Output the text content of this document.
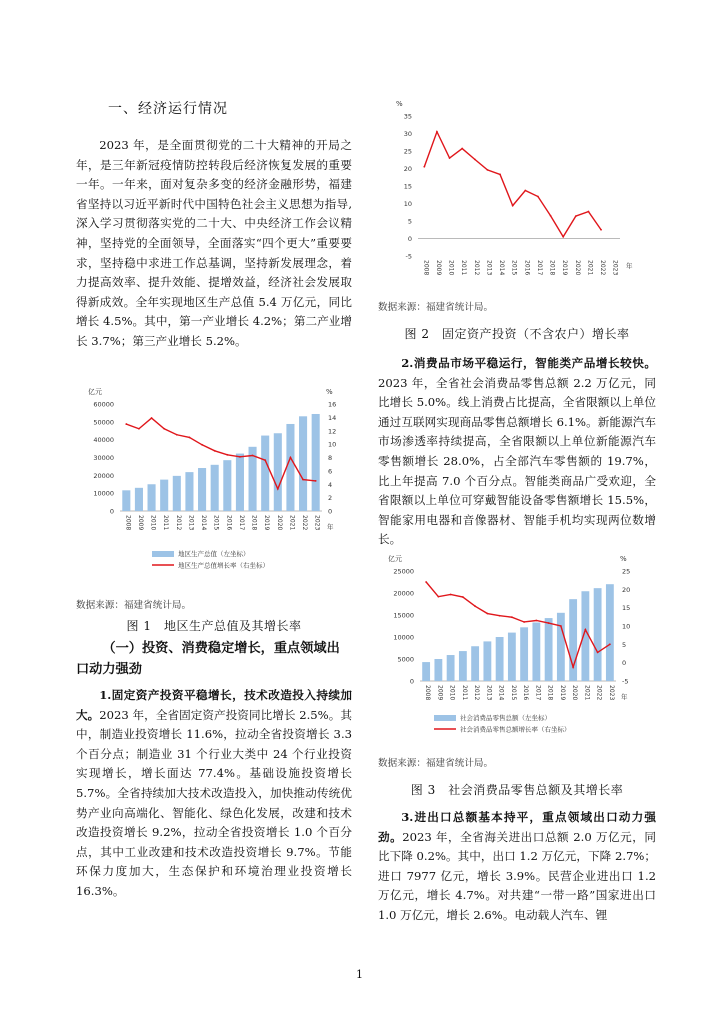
一、经济运行情况

2023 年，是全面贯彻党的二十大精神的开局之年，是三年新冠疫情防控转段后经济恢复发展的重要一年。一年来，面对复杂多变的经济金融形势，福建省坚持以习近平新时代中国特色社会主义思想为指导,深入学习贯彻落实党的二十大、中央经济工作会议精神，坚持党的全面领导，全面落实“四个更大”重要要求，坚持稳中求进工作总基调，坚持新发展理念，着力提高效率、提升效能、提增效益，经济社会发展取得新成效。全年实现地区生产总值 5.4 万亿元，同比增长 4.5%。其中，第一产业增长 4.2%；第二产业增长 3.7%；第三产业增长 5.2%。

亿元	%
0
10000
20000
30000
40000
50000
60000
0
2
4
6
8
10
12
14
16
2008 2009 2010 2011 2012 2013 2014 2015 2016 2017 2018 2019 2020 2021 2022 2023 年
地区生产总值（左坐标）
地区生产总值增长率（右坐标）
数据来源：福建省统计局。
图 1　地区生产总值及其增长率
（一）投资、消费稳定增长，重点领域出口动力强劲

1.固定资产投资平稳增长，技术改造投入持续加大。2023 年，全省固定资产投资同比增长 2.5%。其中，制造业投资增长 11.6%，拉动全省投资增长 3.3 个百分点；制造业 31 个行业大类中 24 个行业投资实现增长，增长面达 77.4%。基础设施投资增长 5.7%。全省持续加大技术改造投入，加快推动传统优势产业向高端化、智能化、绿色化发展，改建和技术改造投资增长 9.2%，拉动全省投资增长 1.0 个百分点，其中工业改建和技术改造投资增长 9.7%。节能环保力度加大，生态保护和环境治理业投资增长 16.3%。

%
-5
0
5
10
15
20
25
30
35
2008 2009 2010 2011 2012 2013 2014 2015 2016 2017 2018 2019 2020 2021 2022 2023 年
数据来源：福建省统计局。
图 2　固定资产投资（不含农户）增长率

2.消费品市场平稳运行，智能类产品增长较快。2023 年，全省社会消费品零售总额 2.2 万亿元，同比增长 5.0%。线上消费占比提高，全省限额以上单位通过互联网实现商品零售总额增长 6.1%。新能源汽车市场渗透率持续提高，全省限额以上单位新能源汽车零售额增长 28.0%，占全部汽车零售额的 19.7%，比上年提高 7.0 个百分点。智能类商品广受欢迎，全省限额以上单位可穿戴智能设备零售额增长 15.5%，智能家用电器和音像器材、智能手机均实现两位数增长。

亿元	%
0
5000
10000
15000
20000
25000
-5
0
5
10
15
20
25
2008 2009 2010 2011 2012 2013 2014 2015 2016 2017 2018 2019 2020 2021 2022 2023 年
社会消费品零售总额（左坐标）
社会消费品零售总额增长率（右坐标）
数据来源：福建省统计局。
图 3　社会消费品零售总额及其增长率

3.进出口总额基本持平，重点领域出口动力强劲。2023 年，全省海关进出口总额 2.0 万亿元，同比下降 0.2%。其中，出口 1.2 万亿元，下降 2.7%；进口 7977 亿元，增长 3.9%。民营企业进出口 1.2 万亿元，增长 4.7%。对共建“一带一路”国家进出口 1.0 万亿元，增长 2.6%。电动载人汽车、锂

1
